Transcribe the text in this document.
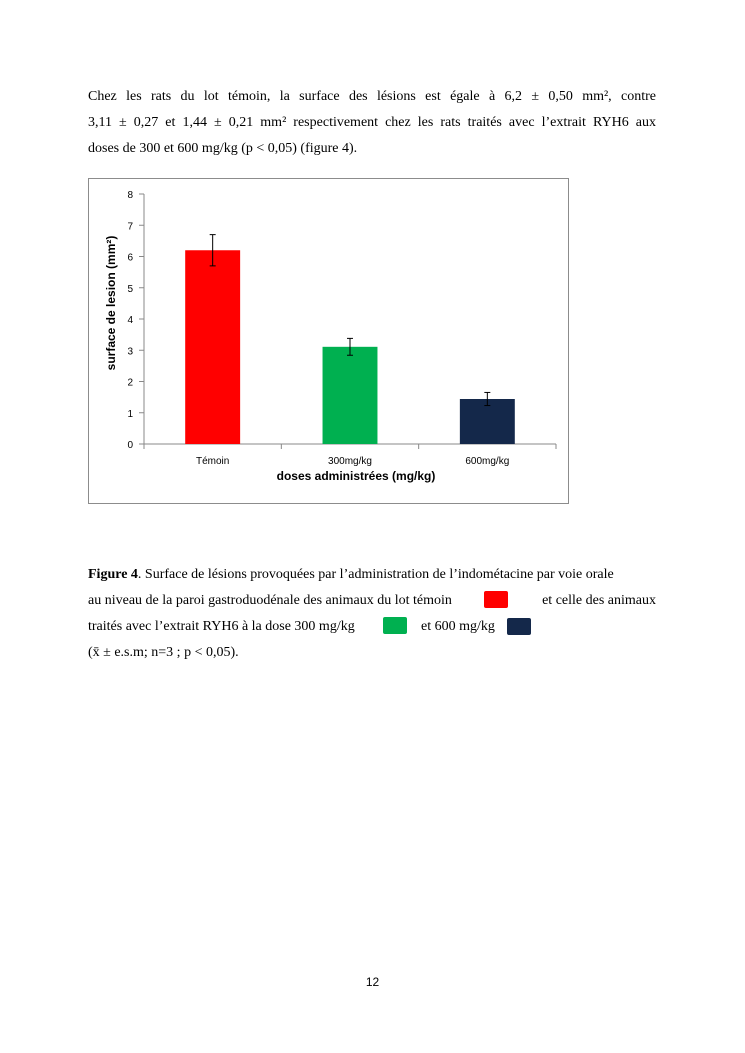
Chez les rats du lot témoin, la surface des lésions est égale à 6,2 ± 0,50 mm², contre
3,11 ± 0,27 et 1,44 ± 0,21 mm² respectivement chez les rats traités avec l’extrait RYH6 aux
doses de 300 et 600 mg/kg (p < 0,05) (figure 4).
0
1
2
3
4
5
6
7
8
Témoin	300mg/kg	600mg/kg
doses administrées (mg/kg)
surface de lesion (mm²)
Figure 4. Surface de lésions provoquées par l’administration de l’indométacine par voie orale
au niveau de la paroi gastroduodénale des animaux du lot témoin	et celle des animaux
traités avec l’extrait RYH6 à la dose 300 mg/kg	et 600 mg/kg
(x̄ ± e.s.m; n=3 ; p < 0,05).
12
